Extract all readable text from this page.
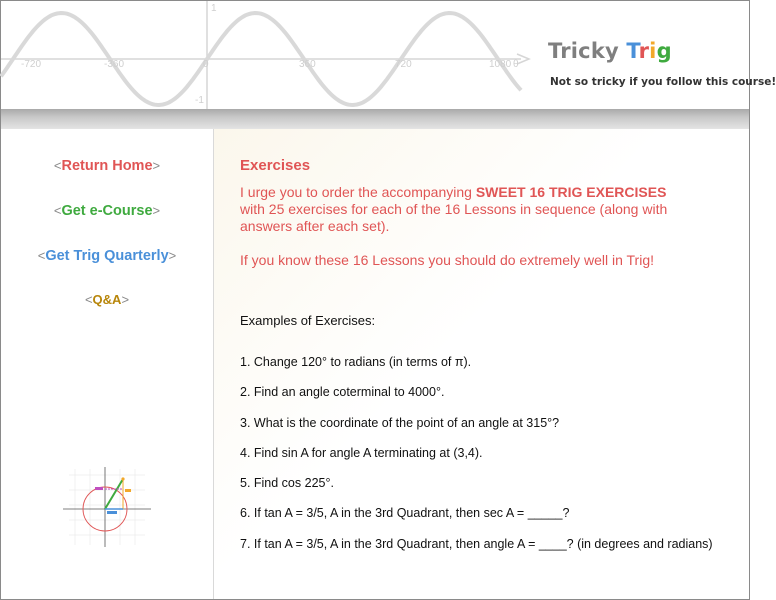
-720	-360	0	360	720	1080 θ
1
-1
Tricky Trig
Not so tricky if you follow this course!
<Return Home>
<Get e-Course>
<Get Trig Quarterly>
<Q&A>
Exercises
I urge you to order the accompanying SWEET 16 TRIG EXERCISES with 25 exercises for each of the 16 Lessons in sequence (along with answers after each set).
If you know these 16 Lessons you should do extremely well in Trig!
Examples of Exercises:
1. Change 120° to radians (in terms of π).
2. Find an angle coterminal to 4000°.
3. What is the coordinate of the point of an angle at 315°?
4. Find sin A for angle A terminating at (3,4).
5. Find cos 225°.
6. If tan A = 3/5, A in the 3rd Quadrant, then sec A = _____?
7. If tan A = 3/5, A in the 3rd Quadrant, then angle A = ____? (in degrees and radians)
